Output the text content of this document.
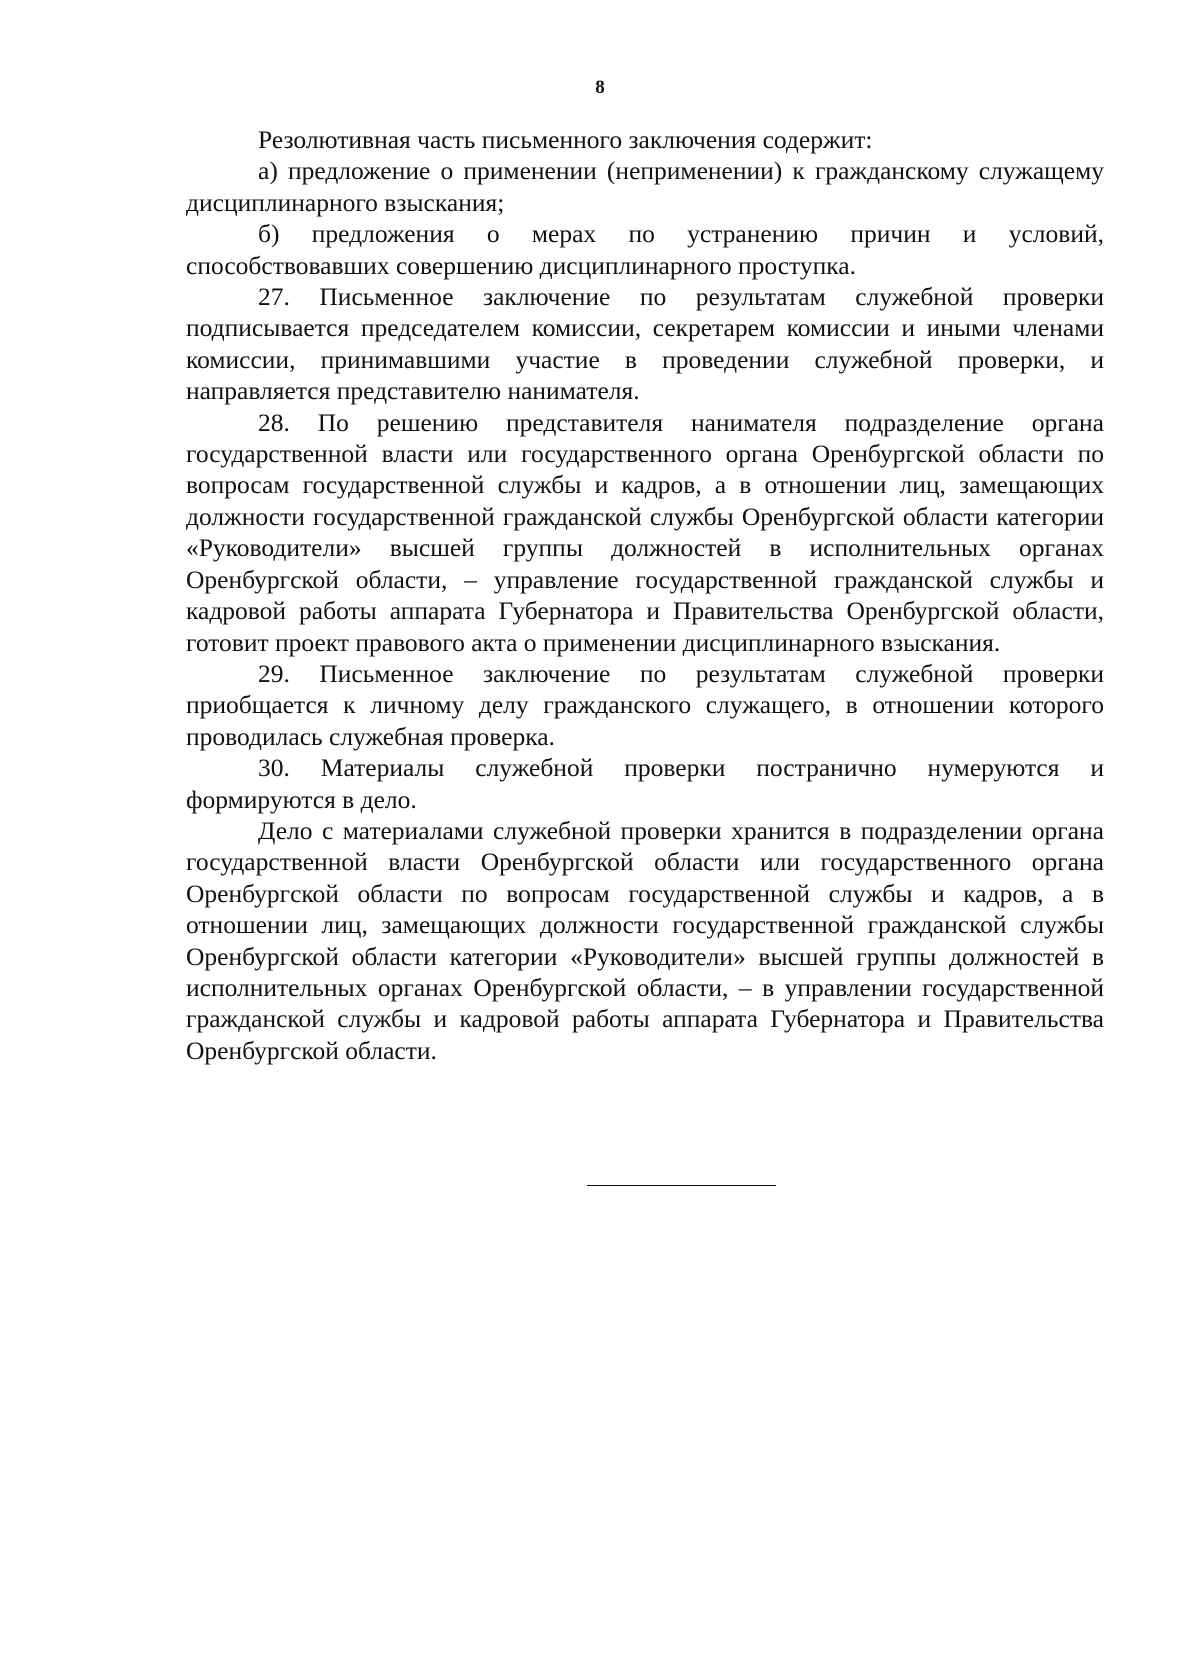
8

Резолютивная часть письменного заключения содержит:

а) предложение о применении (неприменении) к гражданскому служащему дисциплинарного взыскания;

б) предложения о мерах по устранению причин и условий, способствовавших совершению дисциплинарного проступка.

27. Письменное заключение по результатам служебной проверки подписывается председателем комиссии, секретарем комиссии и иными членами комиссии, принимавшими участие в проведении служебной проверки, и направляется представителю нанимателя.

28. По решению представителя нанимателя подразделение органа государственной власти или государственного органа Оренбургской области по вопросам государственной службы и кадров, а в отношении лиц, замещающих должности государственной гражданской службы Оренбургской области категории «Руководители» высшей группы должностей в исполнительных органах Оренбургской области, – управление государственной гражданской службы и кадровой работы аппарата Губернатора и Правительства Оренбургской области, готовит проект правового акта о применении дисциплинарного взыскания.

29. Письменное заключение по результатам служебной проверки приобщается к личному делу гражданского служащего, в отношении которого проводилась служебная проверка.

30. Материалы служебной проверки постранично нумеруются и формируются в дело.

Дело с материалами служебной проверки хранится в подразделении органа государственной власти Оренбургской области или государственного органа Оренбургской области по вопросам государственной службы и кадров, а в отношении лиц, замещающих должности государственной гражданской службы Оренбургской области категории «Руководители» высшей группы должностей в исполнительных органах Оренбургской области, – в управлении государственной гражданской службы и кадровой работы аппарата Губернатора и Правительства Оренбургской области.
